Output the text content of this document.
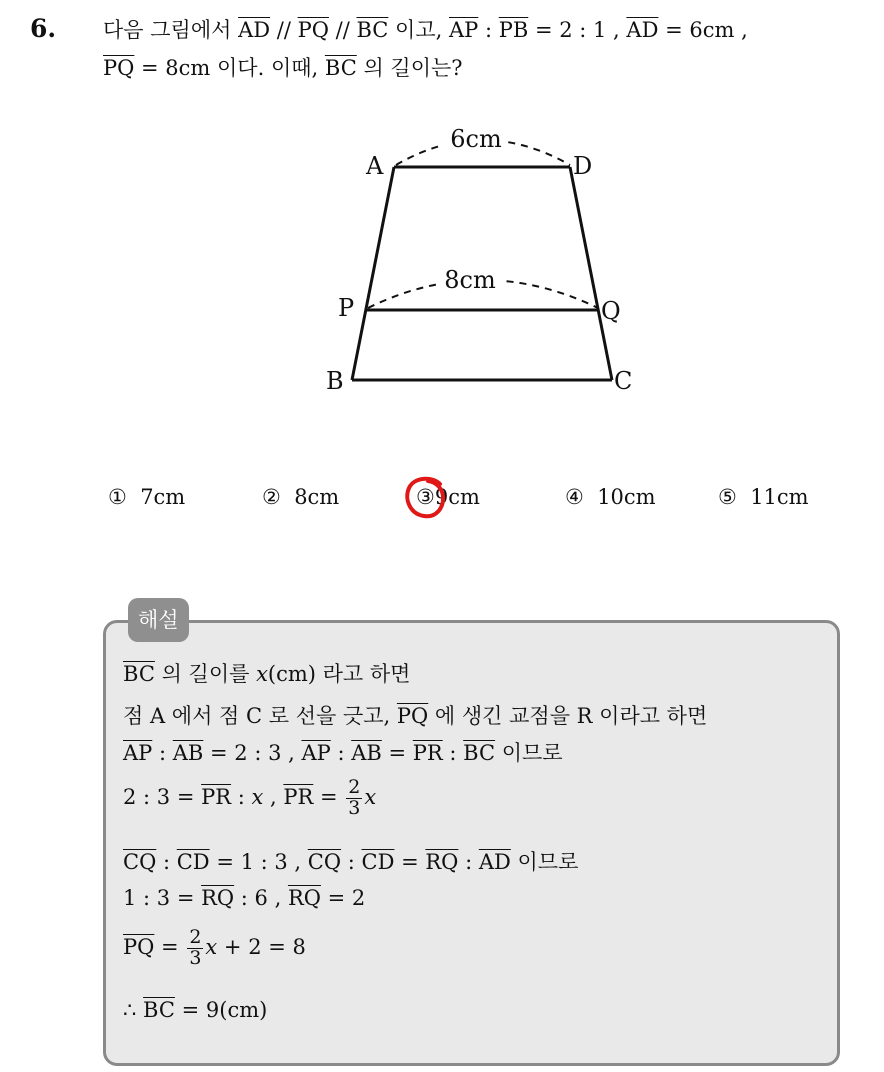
6. 다음 그림에서 $\overline{AD} // \overline{PQ} // \overline{BC}$ 이고, $\overline{AP}$ : $\overline{PB} = 2$ : 1 , $\overline{AD} = 6cm$ ,
$\overline{PQ} = 8cm$ 이다. 이때, $\overline{BC}$ 의 길이는?
6cm
8cm
A	D
P	Q
B	C
① 7cm	② 8cm	③9cm	④ 10cm	⑤ 11cm
해설
$\overline{BC}$ 의 길이를 x(cm) 라고 하면
점 A 에서 점 C 로 선을 긋고, $\overline{PQ}$ 에 생긴 교점을 R 이라고 하면
$\overline{AP}$ : $\overline{AB} = 2$ : 3 , $\overline{AP}$ : $\overline{AB} = \overline{PR}$ : $\overline{BC}$ 이므로
2 : $3 = \overline{PR}$ : x , $\overline{PR} = \frac{2}{3}$ x
$\overline{CQ}$ : $\overline{CD} = 1$ : 3 , $\overline{CQ}$ : $\overline{CD} = \overline{RQ}$ : $\overline{AD}$ 이므로
1 : $3 = \overline{RQ}$ : 6 , $\overline{RQ} = 2$
$\overline{PQ} = \frac{2}{3}$ x + 2 = 8
∴ $\overline{BC} = 9(cm)$
